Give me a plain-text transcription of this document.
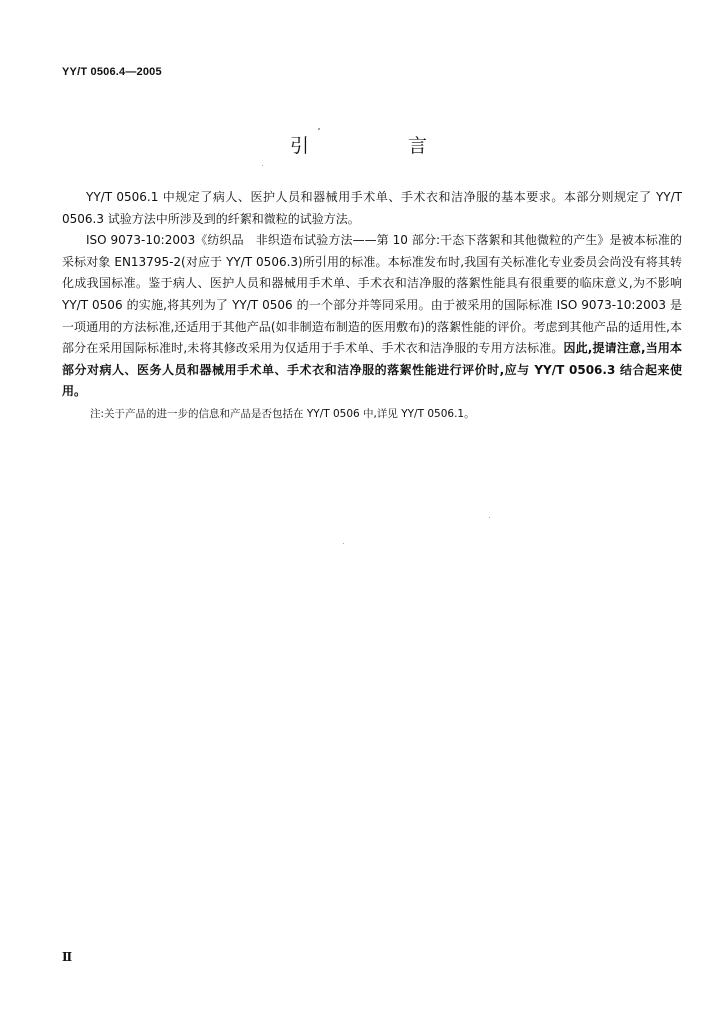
YY/T 0506.4—2005
引　言

YY/T 0506.1 中规定了病人、医护人员和器械用手术单、手术衣和洁净服的基本要求。本部分则规定了 YY/T 0506.3 试验方法中所涉及到的纤絮和微粒的试验方法。

ISO 9073-10:2003《纺织品　非织造布试验方法——第 10 部分:干态下落絮和其他微粒的产生》是被本标准的采标对象 EN13795-2(对应于 YY/T 0506.3)所引用的标准。本标准发布时,我国有关标准化专业委员会尚没有将其转化成我国标准。鉴于病人、医护人员和器械用手术单、手术衣和洁净服的落絮性能具有很重要的临床意义,为不影响 YY/T 0506 的实施,将其列为了 YY/T 0506 的一个部分并等同采用。由于被采用的国际标准 ISO 9073-10:2003 是一项通用的方法标准,还适用于其他产品(如非制造布制造的医用敷布)的落絮性能的评价。考虑到其他产品的适用性,本部分在采用国际标准时,未将其修改采用为仅适用于手术单、手术衣和洁净服的专用方法标准。因此,提请注意,当用本部分对病人、医务人员和器械用手术单、手术衣和洁净服的落絮性能进行评价时,应与 YY/T 0506.3 结合起来使用。

注:关于产品的进一步的信息和产品是否包括在 YY/T 0506 中,详见 YY/T 0506.1。

Ⅱ
